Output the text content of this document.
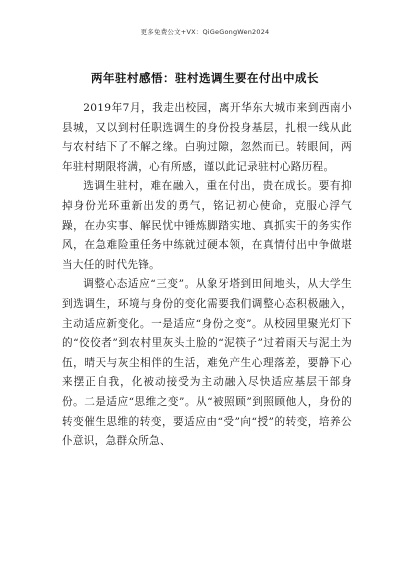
更多免费公文+VX：QiGeGongWen2024
两年驻村感悟：驻村选调生要在付出中成长

2019年7月，我走出校园，离开华东大城市来到西南小县城，又以到村任职选调生的身份投身基层，扎根一线从此与农村结下了不解之缘。白驹过隙，忽然而已。转眼间，两年驻村期限将满，心有所感，谨以此记录驻村心路历程。

选调生驻村，难在融入，重在付出，贵在成长。要有抑掉身份光环重新出发的勇气，铭记初心使命，克服心浮气躁，在办实事、解民忧中锤炼脚踏实地、真抓实干的务实作风，在急难险重任务中练就过硬本领，在真情付出中争做堪当大任的时代先锋。

调整心态适应“三变”。从象牙塔到田间地头，从大学生到选调生，环境与身份的变化需要我们调整心态积极融入，主动适应新变化。一是适应“身份之变”。从校园里聚光灯下的“佼佼者”到农村里灰头土脸的“泥筷子”过着雨天与泥土为伍，晴天与灰尘相伴的生活，难免产生心理落差，要静下心来摆正自我，化被动接受为主动融入尽快适应基层干部身份。二是适应“思维之变”。从“被照顾”到照顾他人，身份的转变催生思维的转变，要适应由“受”向“授”的转变，培养公仆意识，急群众所急、
